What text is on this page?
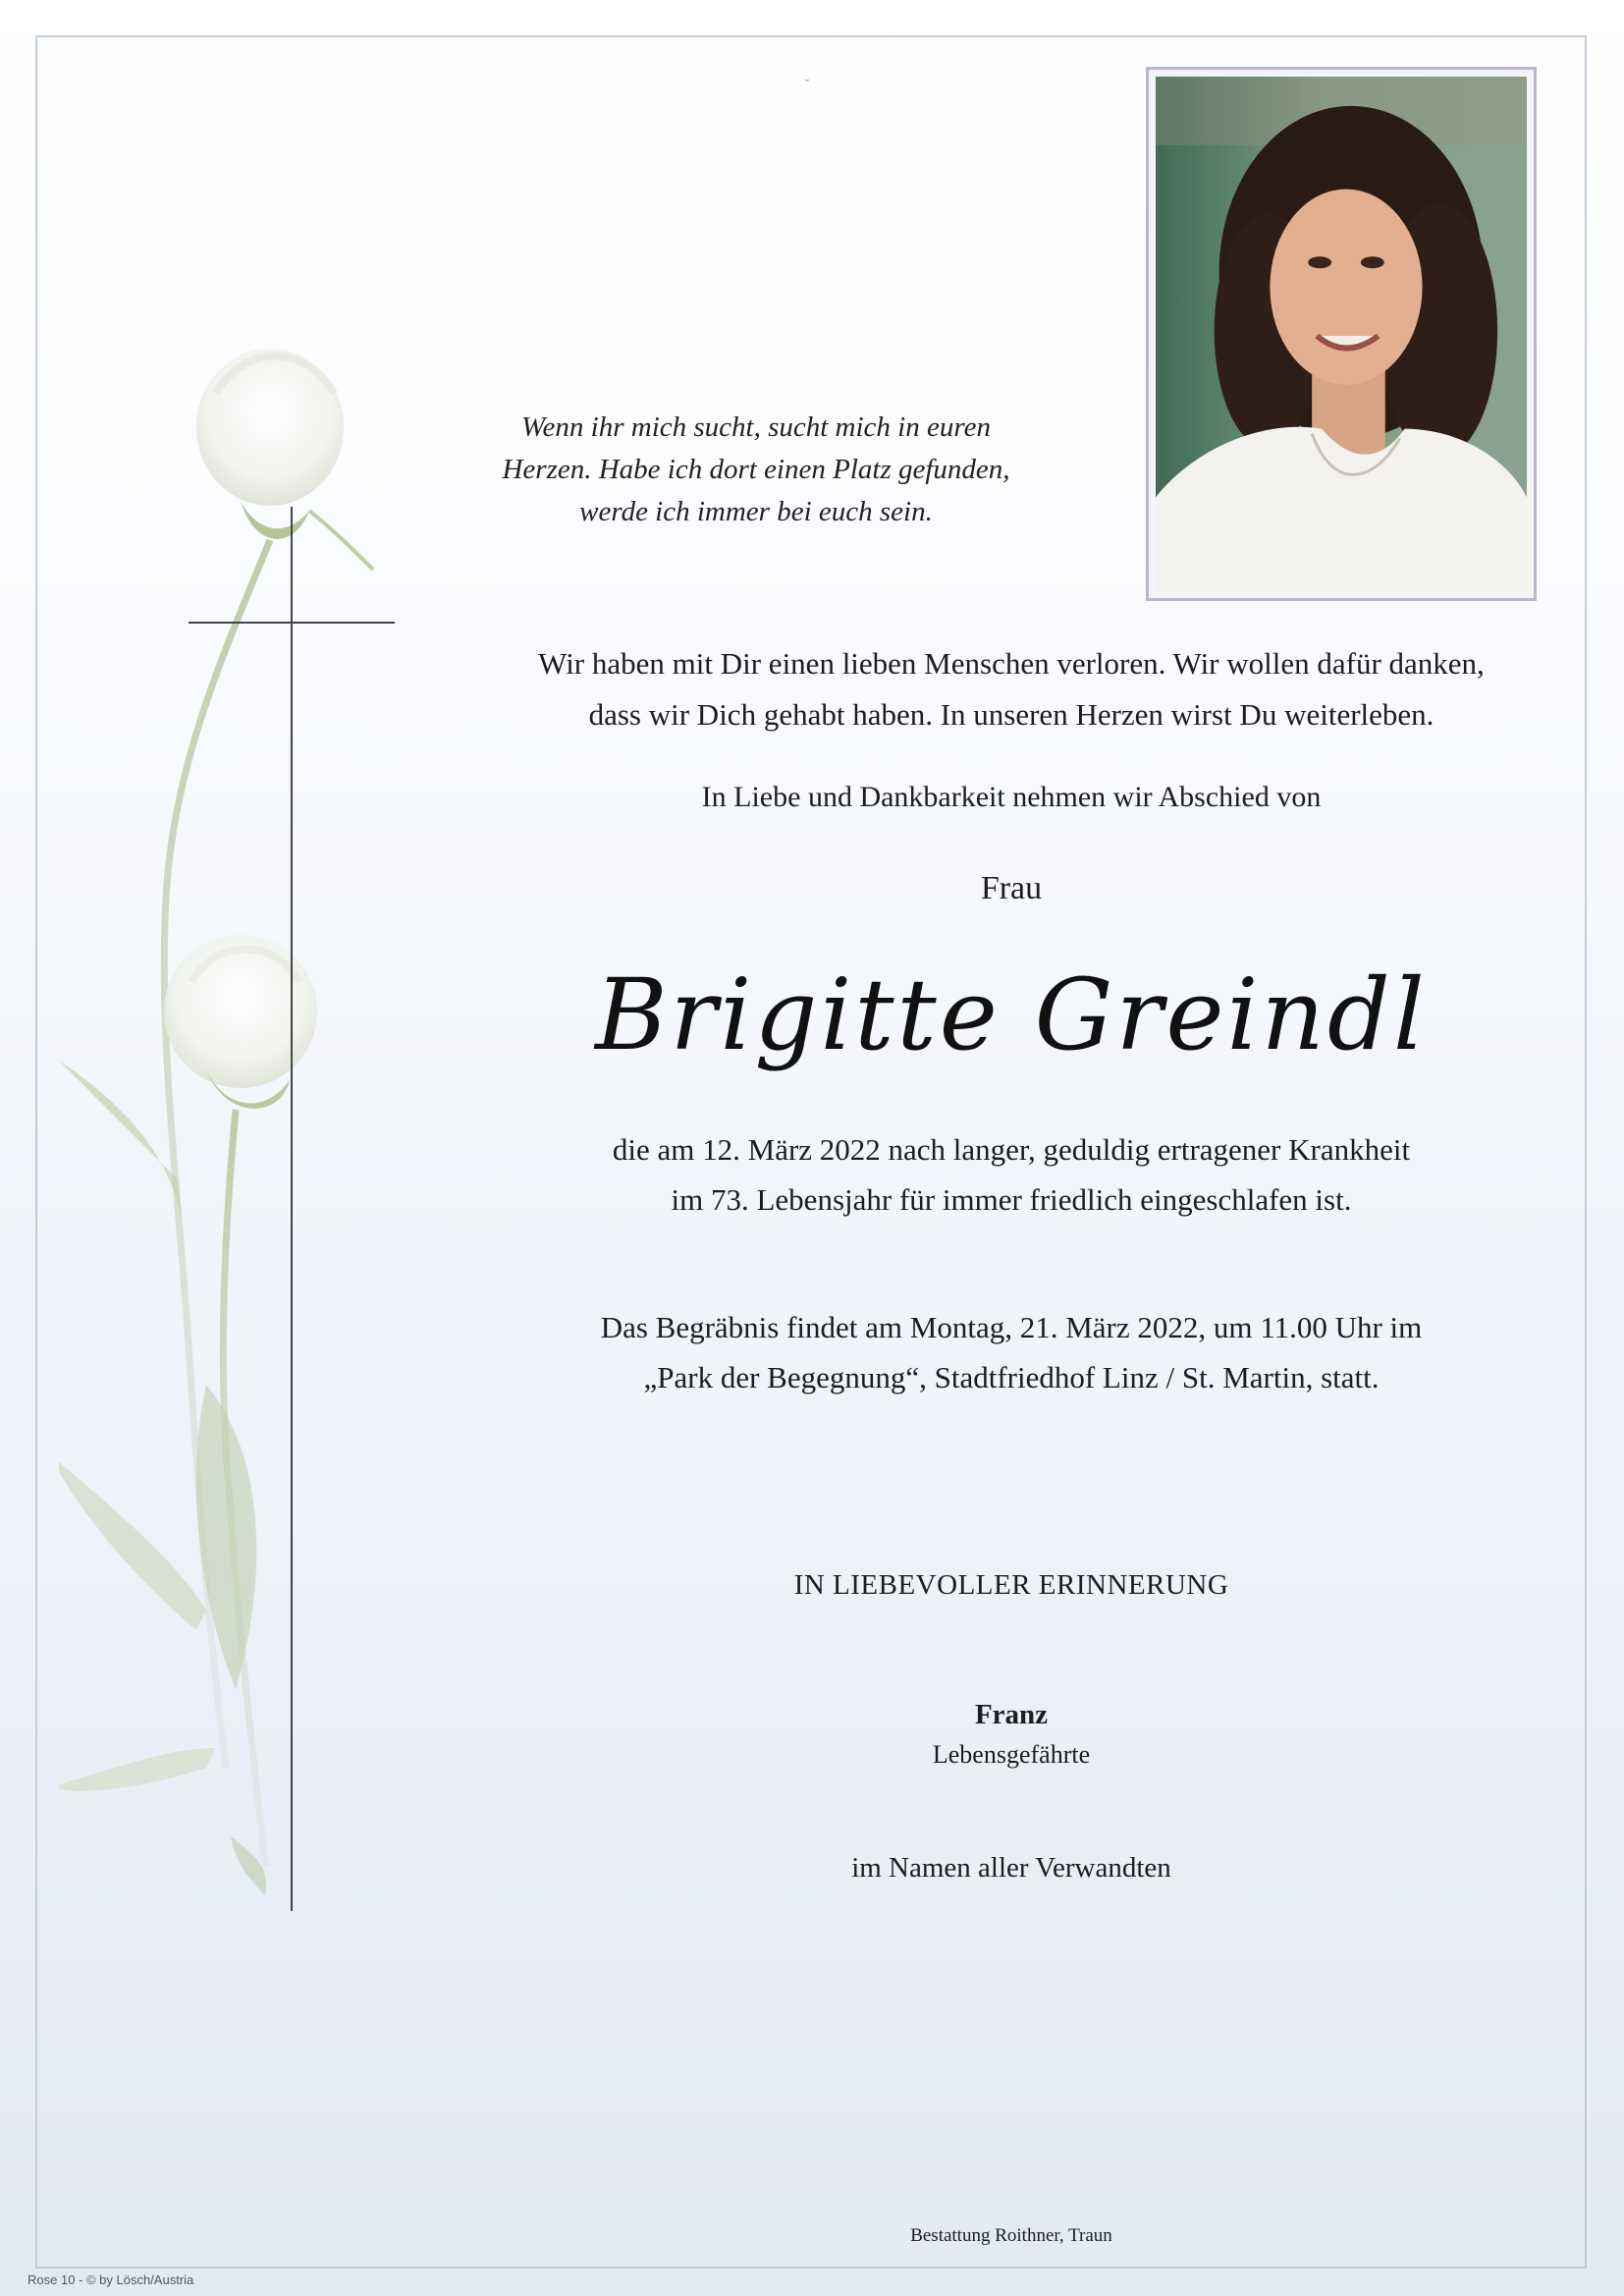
˘
Wenn ihr mich sucht, sucht mich in euren
Herzen. Habe ich dort einen Platz gefunden,
werde ich immer bei euch sein.
Wir haben mit Dir einen lieben Menschen verloren. Wir wollen dafür danken,
dass wir Dich gehabt haben. In unseren Herzen wirst Du weiterleben.
In Liebe und Dankbarkeit nehmen wir Abschied von
Frau
Brigitte Greindl
die am 12. März 2022 nach langer, geduldig ertragener Krankheit
im 73. Lebensjahr für immer friedlich eingeschlafen ist.
Das Begräbnis findet am Montag, 21. März 2022, um 11.00 Uhr im
„Park der Begegnung“, Stadtfriedhof Linz / St. Martin, statt.
IN LIEBEVOLLER ERINNERUNG
Franz
Lebensgefährte
im Namen aller Verwandten
Bestattung Roithner, Traun
Rose 10 - © by Lösch/Austria
